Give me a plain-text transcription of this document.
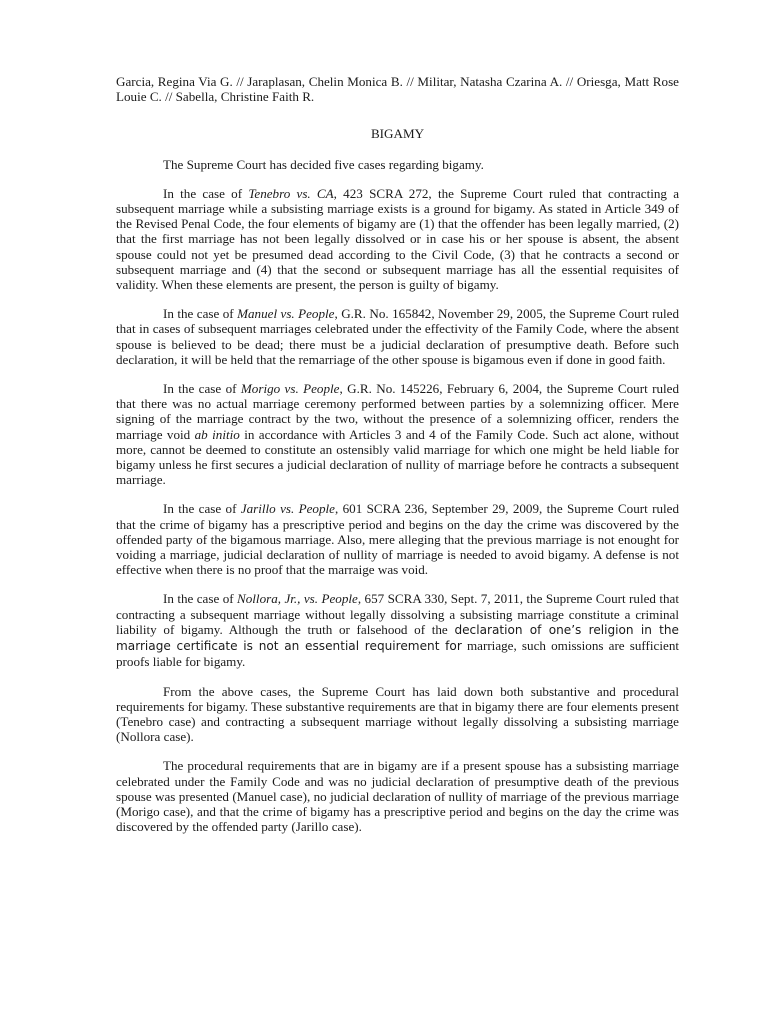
Garcia, Regina Via G. // Jaraplasan, Chelin Monica B. // Militar, Natasha Czarina A. // Oriesga, Matt Rose Louie C. // Sabella, Christine Faith R.

BIGAMY

The Supreme Court has decided five cases regarding bigamy.

In the case of Tenebro vs. CA, 423 SCRA 272, the Supreme Court ruled that contracting a subsequent marriage while a subsisting marriage exists is a ground for bigamy. As stated in Article 349 of the Revised Penal Code, the four elements of bigamy are (1) that the offender has been legally married, (2) that the first marriage has not been legally dissolved or in case his or her spouse is absent, the absent spouse could not yet be presumed dead according to the Civil Code, (3) that he contracts a second or subsequent marriage and (4) that the second or subsequent marriage has all the essential requisites of validity. When these elements are present, the person is guilty of bigamy.

In the case of Manuel vs. People, G.R. No. 165842, November 29, 2005, the Supreme Court ruled that in cases of subsequent marriages celebrated under the effectivity of the Family Code, where the absent spouse is believed to be dead; there must be a judicial declaration of presumptive death. Before such declaration, it will be held that the remarriage of the other spouse is bigamous even if done in good faith.

In the case of Morigo vs. People, G.R. No. 145226, February 6, 2004, the Supreme Court ruled that there was no actual marriage ceremony performed between parties by a solemnizing officer. Mere signing of the marriage contract by the two, without the presence of a solemnizing officer, renders the marriage void ab initio in accordance with Articles 3 and 4 of the Family Code. Such act alone, without more, cannot be deemed to constitute an ostensibly valid marriage for which one might be held liable for bigamy unless he first secures a judicial declaration of nullity of marriage before he contracts a subsequent marriage.

In the case of Jarillo vs. People, 601 SCRA 236, September 29, 2009, the Supreme Court ruled that the crime of bigamy has a prescriptive period and begins on the day the crime was discovered by the offended party of the bigamous marriage. Also, mere alleging that the previous marriage is not enought for voiding a marriage, judicial declaration of nullity of marriage is needed to avoid bigamy. A defense is not effective when there is no proof that the marraige was void.

In the case of Nollora, Jr., vs. People, 657 SCRA 330, Sept. 7, 2011, the Supreme Court ruled that contracting a subsequent marriage without legally dissolving a subsisting marriage constitute a criminal liability of bigamy. Although the truth or falsehood of the declaration of one’s religion in the marriage certificate is not an essential requirement for marriage, such omissions are sufficient proofs liable for bigamy.

From the above cases, the Supreme Court has laid down both substantive and procedural requirements for bigamy. These substantive requirements are that in bigamy there are four elements present (Tenebro case) and contracting a subsequent marriage without legally dissolving a subsisting marriage (Nollora case).

The procedural requirements that are in bigamy are if a present spouse has a subsisting marriage celebrated under the Family Code and was no judicial declaration of presumptive death of the previous spouse was presented (Manuel case), no judicial declaration of nullity of marriage of the previous marriage (Morigo case), and that the crime of bigamy has a prescriptive period and begins on the day the crime was discovered by the offended party (Jarillo case).
